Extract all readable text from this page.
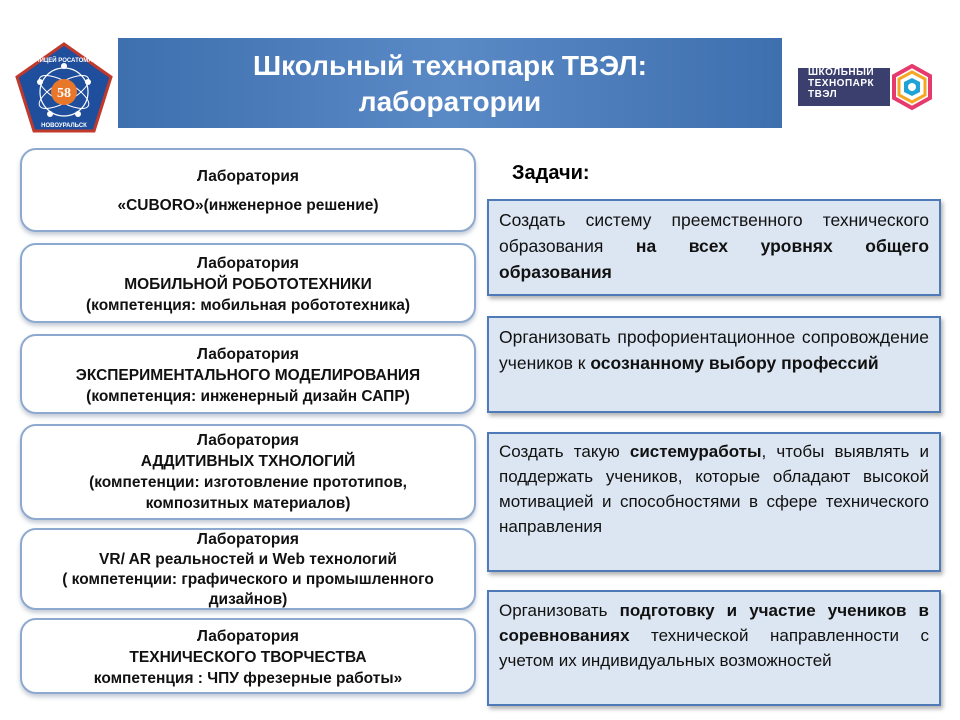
58
ЛИЦЕЙ РОСАТОМА
НОВОУРАЛЬСК
Школьный технопарк ТВЭЛ:
лаборатории
ШКОЛЬНЫЙ
ТЕХНОПАРК
ТВЭЛ
Лаборатория
«CUBORO»(инженерное решение)
Лаборатория
МОБИЛЬНОЙ РОБОТОТЕХНИКИ
(компетенция: мобильная робототехника)
Лаборатория
ЭКСПЕРИМЕНТАЛЬНОГО МОДЕЛИРОВАНИЯ
(компетенция: инженерный дизайн САПР)
Лаборатория
АДДИТИВНЫХ ТХНОЛОГИЙ
(компетенции: изготовление прототипов,
композитных материалов)
Лаборатория
VR/ AR реальностей и Web технологий
( компетенции: графического и промышленного
дизайнов)
Лаборатория
ТЕХНИЧЕСКОГО ТВОРЧЕСТВА
компетенция : ЧПУ фрезерные работы»
Задачи:
Создать систему преемственного технического образования на всех уровнях общего образования
Организовать профориентационное сопровождение учеников к осознанному выбору профессий
Создать такую системуработы, чтобы выявлять и поддержать учеников, которые обладают высокой мотивацией и способностями в сфере технического направления
Организовать подготовку и участие учеников в соревнованиях технической направленности с учетом их индивидуальных возможностей
